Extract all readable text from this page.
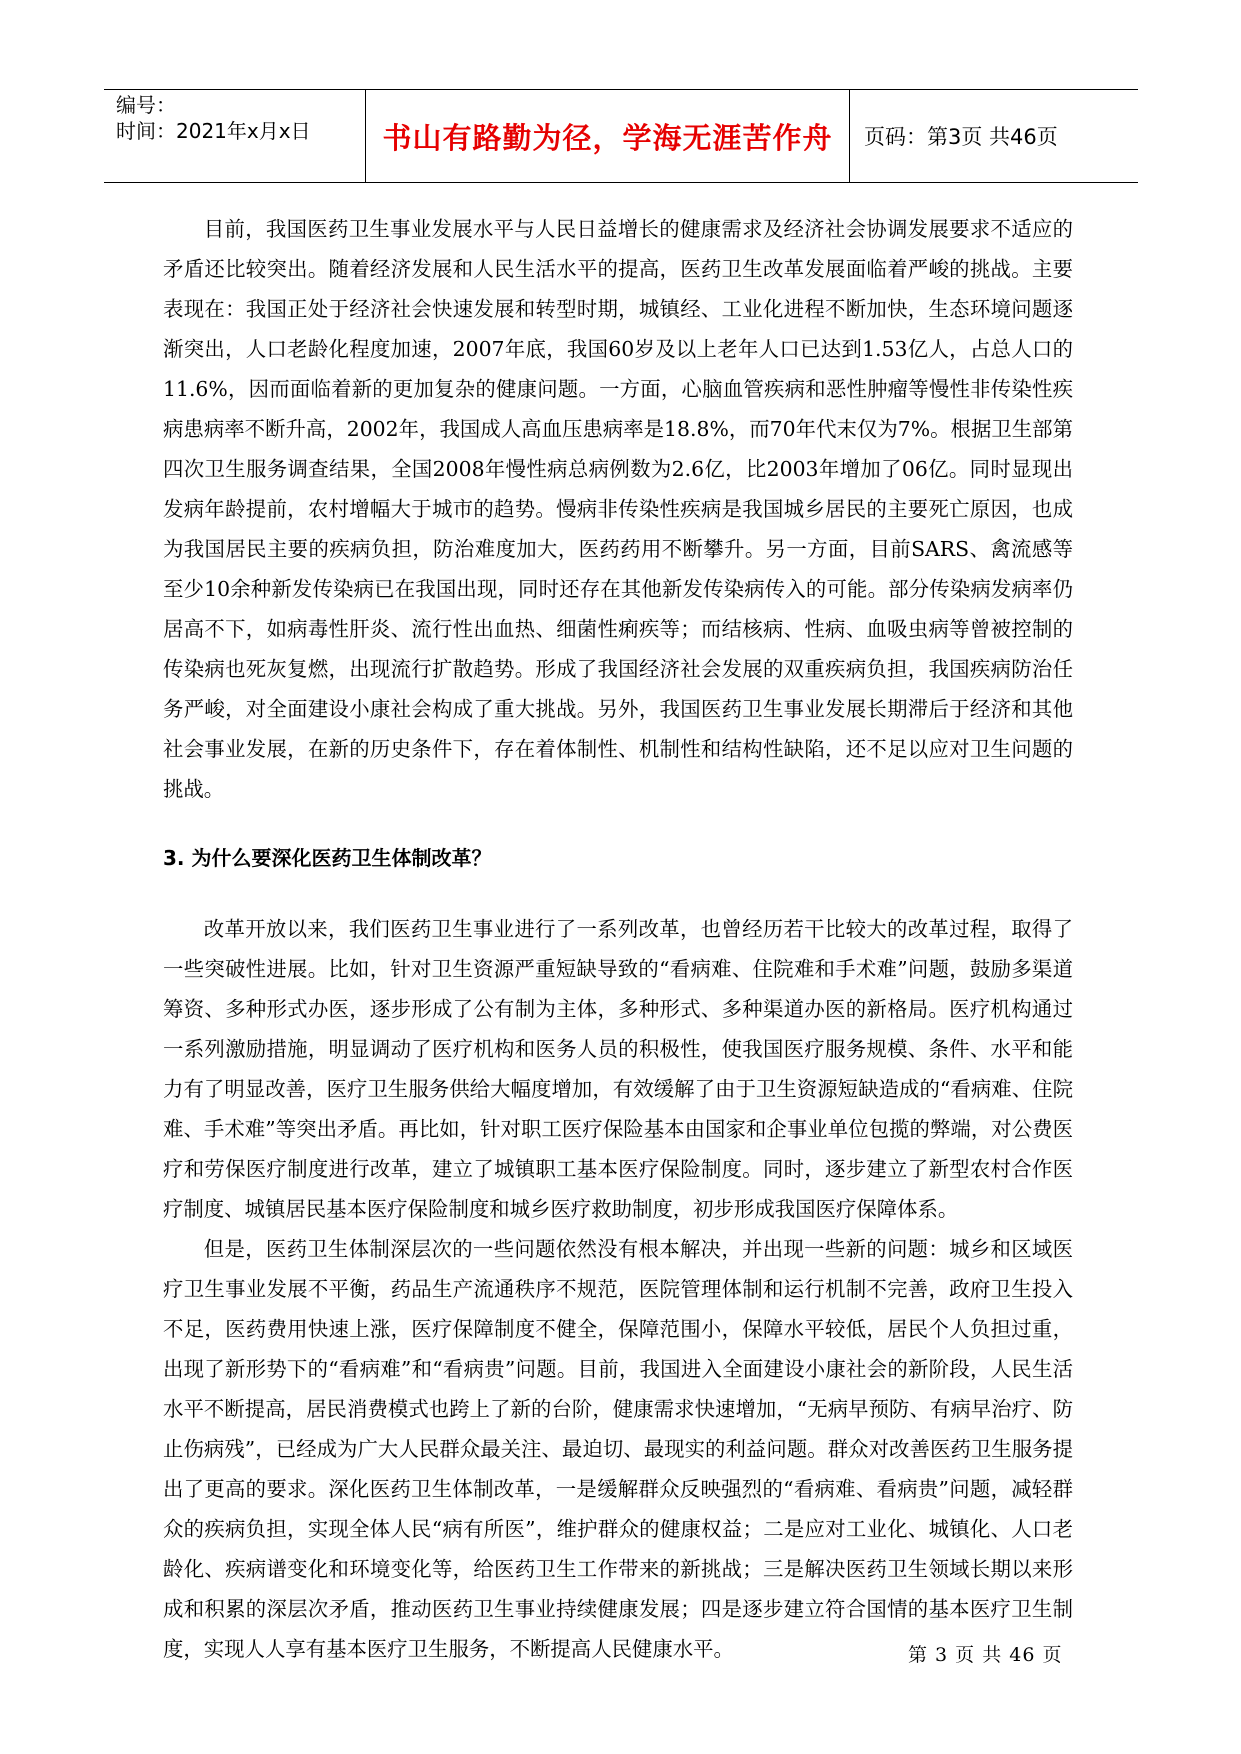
编号：
时间：2021年x月x日	书山有路勤为径，学海无涯苦作舟	页码：第3页 共46页

目前，我国医药卫生事业发展水平与人民日益增长的健康需求及经济社会协调发展要求不适应的矛盾还比较突出。随着经济发展和人民生活水平的提高，医药卫生改革发展面临着严峻的挑战。主要表现在：我国正处于经济社会快速发展和转型时期，城镇经、工业化进程不断加快，生态环境问题逐渐突出，人口老龄化程度加速，2007年底，我国60岁及以上老年人口已达到1.53亿人，占总人口的11.6%，因而面临着新的更加复杂的健康问题。一方面，心脑血管疾病和恶性肿瘤等慢性非传染性疾病患病率不断升高，2002年，我国成人高血压患病率是18.8%，而70年代末仅为7%。根据卫生部第四次卫生服务调查结果，全国2008年慢性病总病例数为2.6亿，比2003年增加了06亿。同时显现出发病年龄提前，农村增幅大于城市的趋势。慢病非传染性疾病是我国城乡居民的主要死亡原因，也成为我国居民主要的疾病负担，防治难度加大，医药药用不断攀升。另一方面，目前SARS、禽流感等至少10余种新发传染病已在我国出现，同时还存在其他新发传染病传入的可能。部分传染病发病率仍居高不下，如病毒性肝炎、流行性出血热、细菌性痢疾等；而结核病、性病、血吸虫病等曾被控制的传染病也死灰复燃，出现流行扩散趋势。形成了我国经济社会发展的双重疾病负担，我国疾病防治任务严峻，对全面建设小康社会构成了重大挑战。另外，我国医药卫生事业发展长期滞后于经济和其他社会事业发展，在新的历史条件下，存在着体制性、机制性和结构性缺陷，还不足以应对卫生问题的挑战。

3. 为什么要深化医药卫生体制改革？

改革开放以来，我们医药卫生事业进行了一系列改革，也曾经历若干比较大的改革过程，取得了一些突破性进展。比如，针对卫生资源严重短缺导致的“看病难、住院难和手术难”问题，鼓励多渠道筹资、多种形式办医，逐步形成了公有制为主体，多种形式、多种渠道办医的新格局。医疗机构通过一系列激励措施，明显调动了医疗机构和医务人员的积极性，使我国医疗服务规模、条件、水平和能力有了明显改善，医疗卫生服务供给大幅度增加，有效缓解了由于卫生资源短缺造成的“看病难、住院难、手术难”等突出矛盾。再比如，针对职工医疗保险基本由国家和企事业单位包揽的弊端，对公费医疗和劳保医疗制度进行改革，建立了城镇职工基本医疗保险制度。同时，逐步建立了新型农村合作医疗制度、城镇居民基本医疗保险制度和城乡医疗救助制度，初步形成我国医疗保障体系。

但是，医药卫生体制深层次的一些问题依然没有根本解决，并出现一些新的问题：城乡和区域医疗卫生事业发展不平衡，药品生产流通秩序不规范，医院管理体制和运行机制不完善，政府卫生投入不足，医药费用快速上涨，医疗保障制度不健全，保障范围小，保障水平较低，居民个人负担过重，出现了新形势下的“看病难”和“看病贵”问题。目前，我国进入全面建设小康社会的新阶段，人民生活水平不断提高，居民消费模式也跨上了新的台阶，健康需求快速增加，“无病早预防、有病早治疗、防止伤病残”，已经成为广大人民群众最关注、最迫切、最现实的利益问题。群众对改善医药卫生服务提出了更高的要求。深化医药卫生体制改革，一是缓解群众反映强烈的“看病难、看病贵”问题，减轻群众的疾病负担，实现全体人民“病有所医”，维护群众的健康权益；二是应对工业化、城镇化、人口老龄化、疾病谱变化和环境变化等，给医药卫生工作带来的新挑战；三是解决医药卫生领域长期以来形成和积累的深层次矛盾，推动医药卫生事业持续健康发展；四是逐步建立符合国情的基本医疗卫生制度，实现人人享有基本医疗卫生服务，不断提高人民健康水平。	第 3 页 共 46 页
